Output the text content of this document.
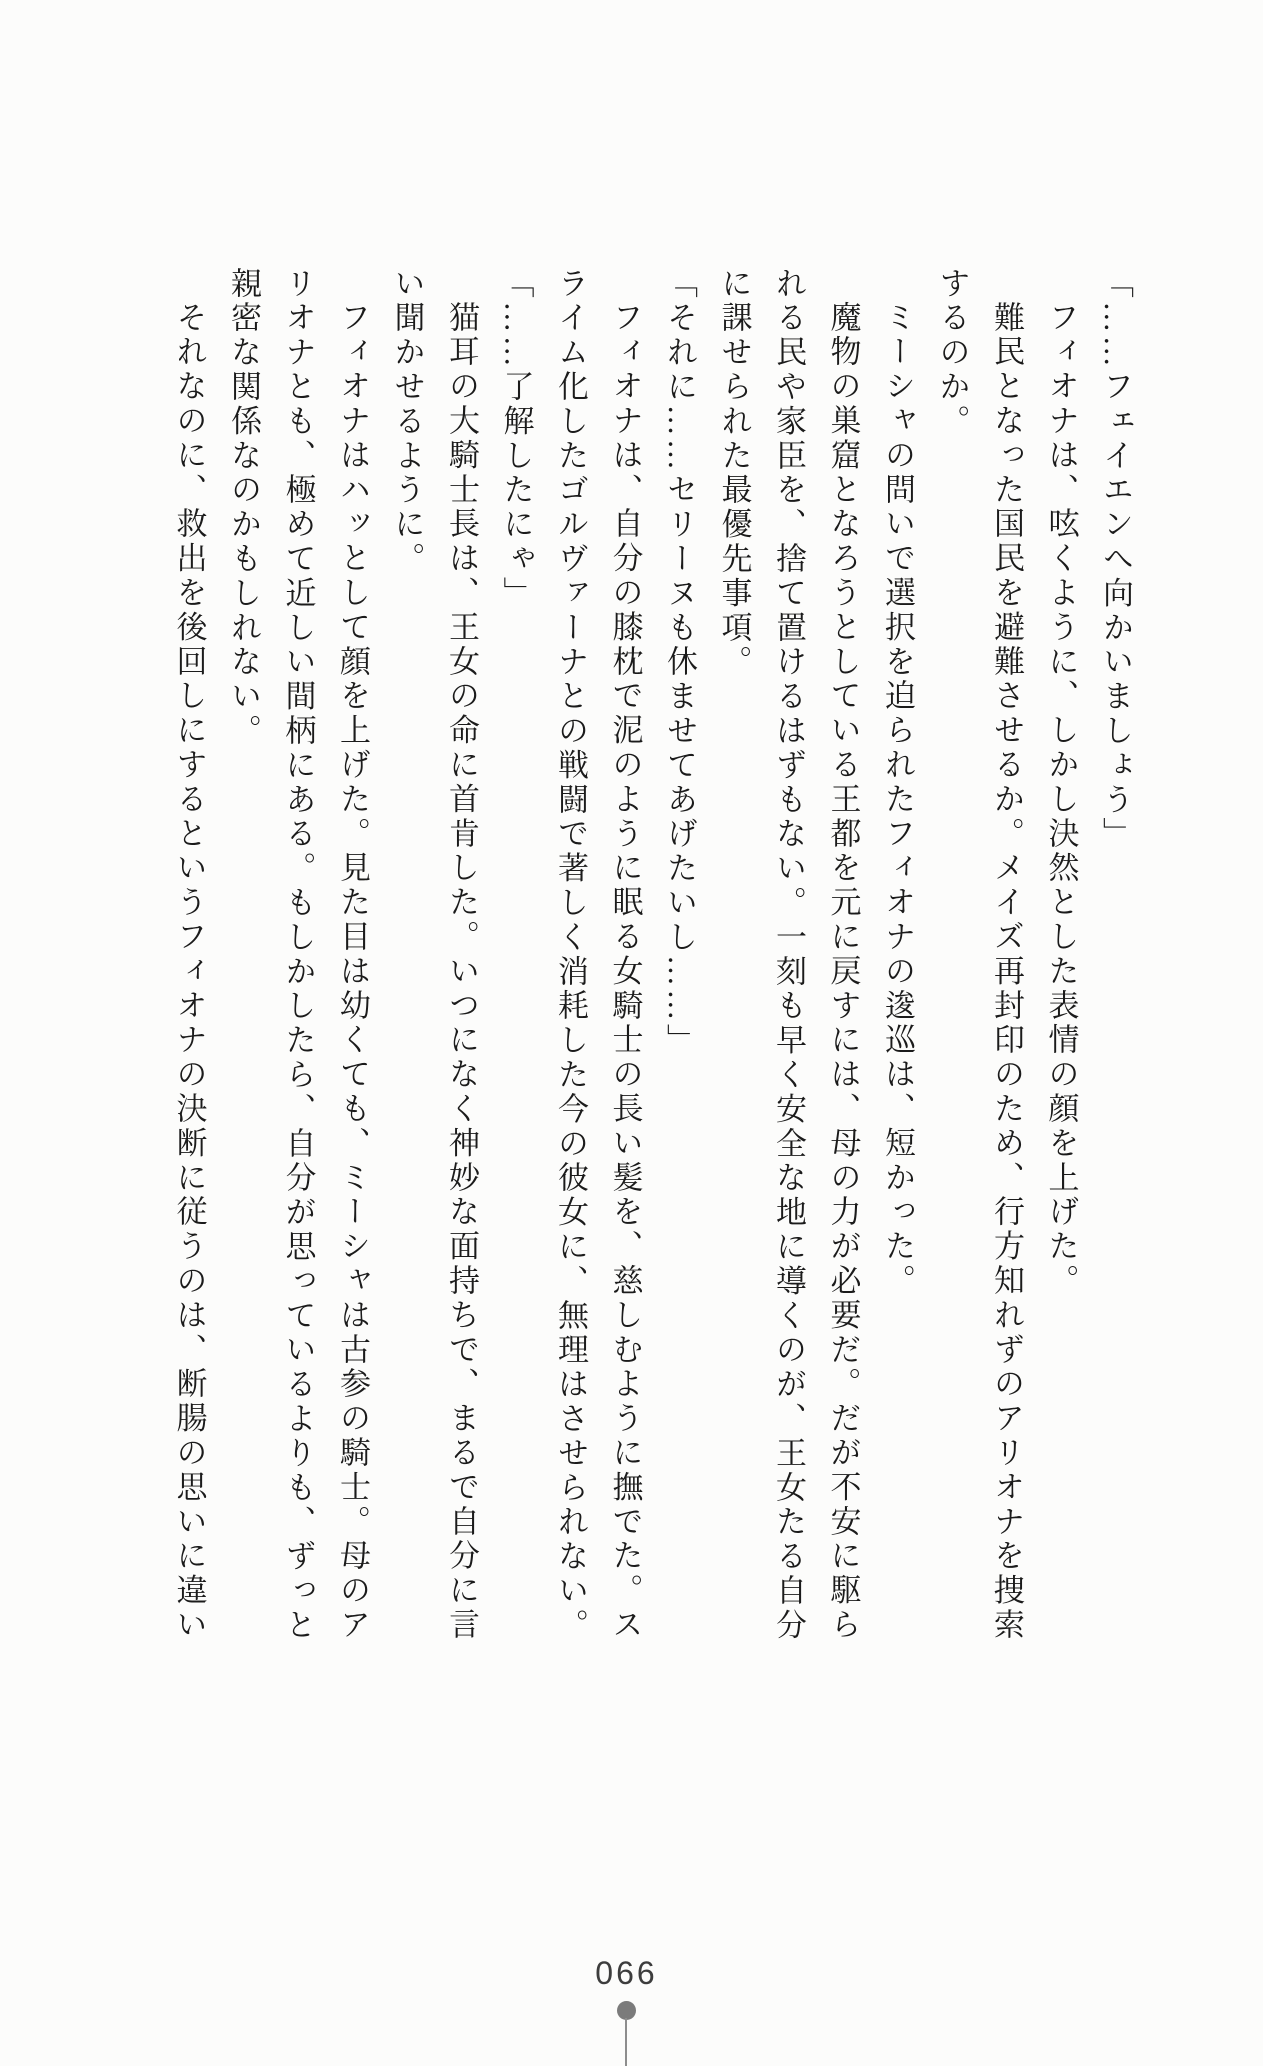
「……フェイエンへ向かいましょう」

フィオナは、呟くように、しかし決然とした表情の顔を上げた。

難民となった国民を避難させるか。メイズ再封印のため、行方知れずのアリオナを捜索

するのか。

ミーシャの問いで選択を迫られたフィオナの逡巡は、短かった。

魔物の巣窟となろうとしている王都を元に戻すには、母の力が必要だ。だが不安に駆ら

れる民や家臣を、捨て置けるはずもない。一刻も早く安全な地に導くのが、王女たる自分

に課せられた最優先事項。

「それに……セリーヌも休ませてあげたいし……」

フィオナは、自分の膝枕で泥のように眠る女騎士の長い髪を、慈しむように撫でた。ス

ライム化したゴルヴァーナとの戦闘で著しく消耗した今の彼女に、無理はさせられない。

「……了解したにゃ」

猫耳の大騎士長は、王女の命に首肯した。いつになく神妙な面持ちで、まるで自分に言

い聞かせるように。

フィオナはハッとして顔を上げた。見た目は幼くても、ミーシャは古参の騎士。母のア

リオナとも、極めて近しい間柄にある。もしかしたら、自分が思っているよりも、ずっと

親密な関係なのかもしれない。

それなのに、救出を後回しにするというフィオナの決断に従うのは、断腸の思いに違い

066
